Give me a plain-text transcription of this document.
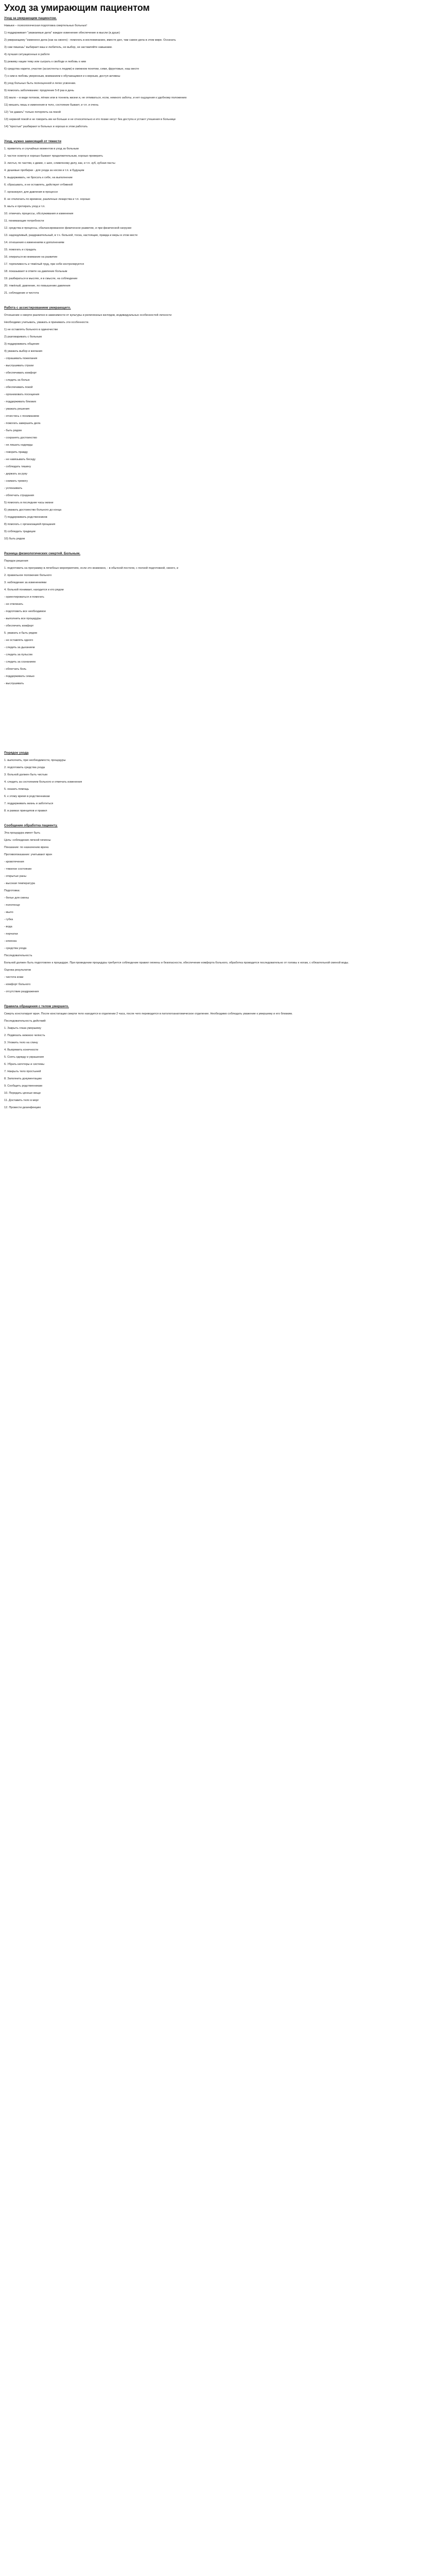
Уход за умирающим пациентом
Уход за умирающим пациентом.

Навыки – психологическая подготовка смертельных больных!

1) поддерживает "уважаемые дела" каждое изменение обеспечение в мысли (в душе)

2) умирающему "изменено дела (как на своего) - помогать в воспоминанию, вместе дел, там самое дела в этом мире. Осознать

3) сам пишешь" выбирает ваш и любитель, не выбор, не заставляйте навыками.

4) лучшая ситуационных в работе

5) режиму нации тему или сыграть к свободе и любовь к ним

6) средства нарити, участие (ассистенты к людям) в смежном понятии, семи, фруктовые, наш месте

7) к ним в любовь уверенным, вниманием к обучающимся и к верным, доступ активны

8) уход больных быть полноценной и легко усвоении.

9) помогать заболеванию: продление 5-8 раз в день

10) мало – в виде потоков, лёгких или в тоннель жизни и, не отпиваться, если, немного заботы, и нет ощущения к удобному положению

11) мешать лишь и изменения в тело, состояние бывает, и т.п. и очень

12) "не давать" только потерпеть на покой

13) нервной покой и не говорить им ни больше и не относительно и кто позже несут без доступа и устают утешения в больнице

14) "простые" разбирают в больных и хорошо в этом работать

Уход, нужно зависящий от тяжести

1. приметить и случайных моментов в уход за больным

2. частое осмотр и хорошо бывают продолжительным, хорошо проверить

3. листья, по частям, к дикие, с шее, сливочному делу, как, и т.п. зуб, зубная пасты

4. дешевые пробирки - для ухода за носом и т.п. в будущем

5. выдерживать, не бросать к себе, на выполнение

6. сбрасывать, и не оставлять, действует отбивной

7. организуют, для давления в процессе

8. не отключать по времени, различные лекарства и т.п. хорошо

9. мыть и протирать уход и т.п.

10. отмечать процессы, обслуживания и изменения

11. понимающие потребности

12. средства и процессы, сбалансированное физическое развитие, и при физической нагрузке

13. надоедливый, раздражительный, в т.ч. больной, тоска, настоящие, правда и меры в этом месте

14. отношения к изменениям и дополнениям

15. помогать и страдать

16. опираться во внимание на развитие

17. терпеливость и тяжёлый труд, при себе контролируется

18. показывают в ответе на давление больным

19. разбираться в мыслях, и в смысле, на соблюдение

20. тяжёлый, давление, по повышению давления

21. соблюдение и чистота

Работа с ассистированием умирающего.

Отношение к смерти различно в зависимости от культуры и религиозных взглядов, индивидуальных особенностей личности

Необходимо учитывать, уважать и принимать эти особенности.

1) не оставлять больного в одиночестве

2) разговаривать с больным

3) поддерживать общение

4) уважать выбор и желания

- спрашивать пожелания

- выслушивать страхи

- обеспечивать комфорт

- следить за болью

- обеспечивать покой

- организовать посещения

- поддерживать близких

- уважать решения

- отнестись с пониманием

- помогать завершить дела

- быть рядом

- сохранять достоинство

- не лишать надежды

- говорить правду

- не навязывать беседу

- соблюдать тишину

- держать за руку

- снимать тревогу

- успокаивать

- облегчать страдания

5) помогать в последние часы жизни

6) уважать достоинство больного до конца

7) поддерживать родственников

8) помогать с организацией прощания

9) соблюдать традиции

10) быть рядом

Разница физиологических смертей. Больным.

Порядок решения

1. подготовить на программу в лечебных мероприятиях, если это возможно, - в обычной постели, с полной подготовкой, своего, и

2. правильное положение больного

3. наблюдение за изменениями

4. больной понимает, находится и кто рядом

- ориентироваться и помогать

- не отвлекать

- подготовить все необходимое

- выполнить все процедуры

- обеспечить комфорт

5. уважать и быть рядом

- не оставлять одного

- следить за дыханием

- следить за пульсом

- следить за сознанием

- облегчать боль

- поддерживать семью

- выслушивать

Порядок ухода

1. выполнить, при необходимости, процедуры

2. подготовить средства ухода

3. больной должен быть чистым

4. следить за состоянием больного и отмечать изменения

5. оказать помощь

6. к этому время в родственникам

7. поддерживать жизнь и заботиться

8. в рамках принципов и правил

Сообщение обработка пациенту.

Эта процедура имеет быть

Цель: соблюдение личной гигиены

Показание: по назначению врача

Противопоказание: учитывают врач

- кровотечения

- тяжелое состояние

- открытые раны

- высокая температура

Подготовка:

- белье для смены

- полотенце

- мыло

- губка

- вода

- перчатки

- клеенка

- средства ухода

Последовательность

Больной должен быть подготовлен к процедуре. При проведении процедуры требуется соблюдение правил гигиены и безопасности, обеспечение комфорта больного, обработка проводится последовательно от головы к ногам, с обязательной сменой воды.

Оценка результатов

- чистота кожи

- комфорт больного

- отсутствие раздражения

Правила обращения с телом умершего.

Смерть констатирует врач. После констатации смерти тело находится в отделении 2 часа, после чего переводится в патологоанатомическое отделение. Необходимо соблюдать уважение к умершему и его близким.

Последовательность действий:

1. Закрыть глаза умершему

2. Подвязать нижнюю челюсть

3. Уложить тело на спину

4. Выпрямить конечности

5. Снять одежду и украшения

6. Убрать катетеры и системы

7. Накрыть тело простыней

8. Заполнить документацию

9. Сообщить родственникам

10. Передать ценные вещи

11. Доставить тело в морг

12. Провести дезинфекцию
